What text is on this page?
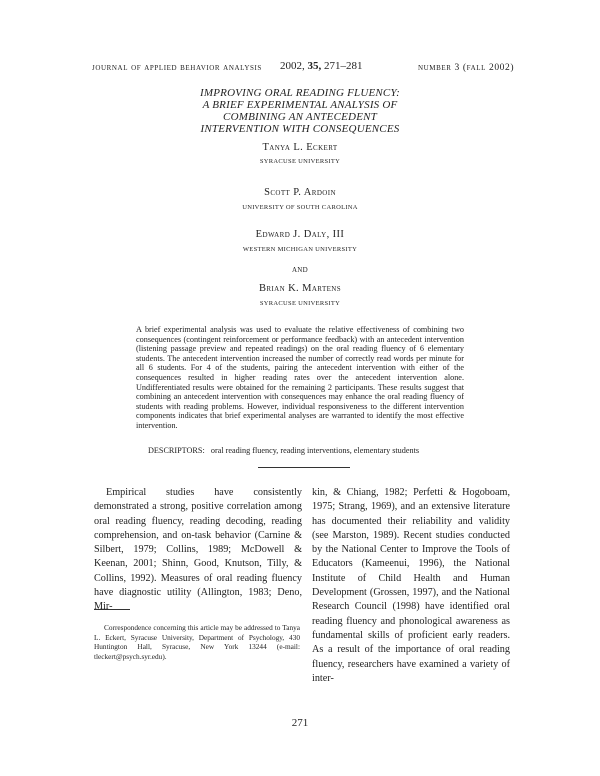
journal of applied behavior analysis 2002, 35, 271–281	number 3 (fall 2002)
IMPROVING ORAL READING FLUENCY:
A BRIEF EXPERIMENTAL ANALYSIS OF
COMBINING AN ANTECEDENT
INTERVENTION WITH CONSEQUENCES
Tanya L. Eckert
SYRACUSE UNIVERSITY
Scott P. Ardoin
UNIVERSITY OF SOUTH CAROLINA
Edward J. Daly, III
WESTERN MICHIGAN UNIVERSITY
AND
Brian K. Martens
SYRACUSE UNIVERSITY
A brief experimental analysis was used to evaluate the relative effectiveness of combining two consequences (contingent reinforcement or performance feedback) with an antecedent intervention (listening passage preview and repeated readings) on the oral reading fluency of 6 elementary students. The antecedent intervention increased the number of correctly read words per minute for all 6 students. For 4 of the students, pairing the antecedent intervention with either of the consequences resulted in higher reading rates over the antecedent intervention alone. Undifferentiated results were obtained for the remaining 2 participants. These results suggest that combining an antecedent intervention with consequences may enhance the oral reading fluency of students with reading problems. However, individual responsiveness to the different intervention components indicates that brief experimental analyses are warranted to identify the most effective intervention.
DESCRIPTORS: oral reading fluency, reading interventions, elementary students
Empirical studies have consistently demonstrated a strong, positive correlation among oral reading fluency, reading decoding, reading comprehension, and on-task behavior (Carnine & Silbert, 1979; Collins, 1989; McDowell & Keenan, 2001; Shinn, Good, Knutson, Tilly, & Collins, 1992). Measures of oral reading fluency have diagnostic utility (Allington, 1983; Deno, Mir-
kin, & Chiang, 1982; Perfetti & Hogoboam, 1975; Strang, 1969), and an extensive literature has documented their reliability and validity (see Marston, 1989). Recent studies conducted by the National Center to Improve the Tools of Educators (Kameenui, 1996), the National Institute of Child Health and Human Development (Grossen, 1997), and the National Research Council (1998) have identified oral reading fluency and phonological awareness as fundamental skills of proficient early readers. As a result of the importance of oral reading fluency, researchers have examined a variety of inter-
Correspondence concerning this article may be addressed to Tanya L. Eckert, Syracuse University, Department of Psychology, 430 Huntington Hall, Syracuse, New York 13244 (e-mail: tleckert@psych.syr.edu).
271
